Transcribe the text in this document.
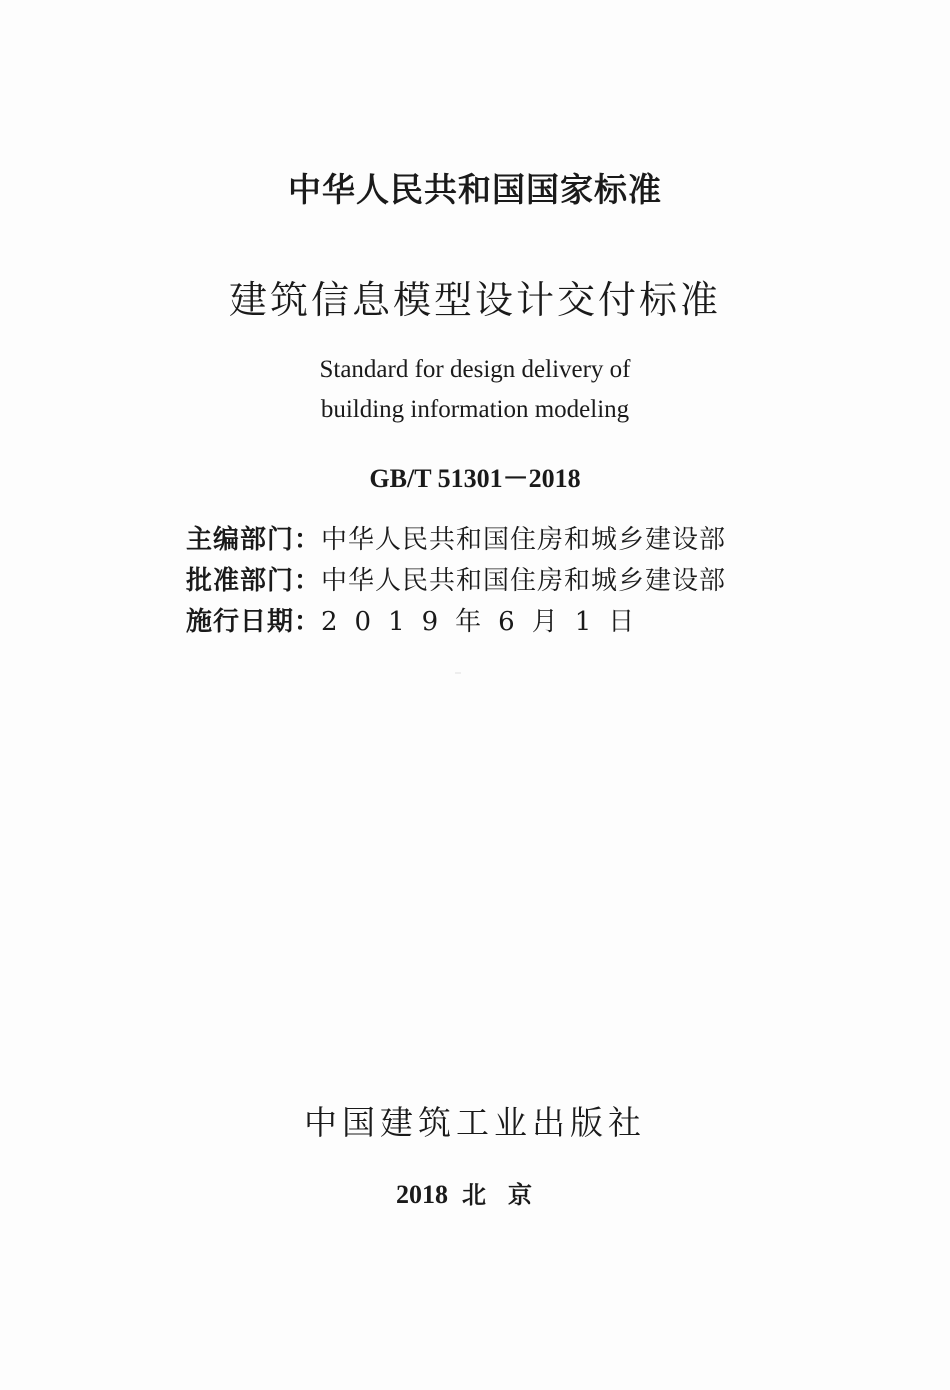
中华人民共和国国家标准
建筑信息模型设计交付标准
Standard for design delivery of
building information modeling
GB/T 51301－2018
主编部门：中华人民共和国住房和城乡建设部
批准部门：中华人民共和国住房和城乡建设部
施行日期：2019年6月1日
中国建筑工业出版社
2018 北京
